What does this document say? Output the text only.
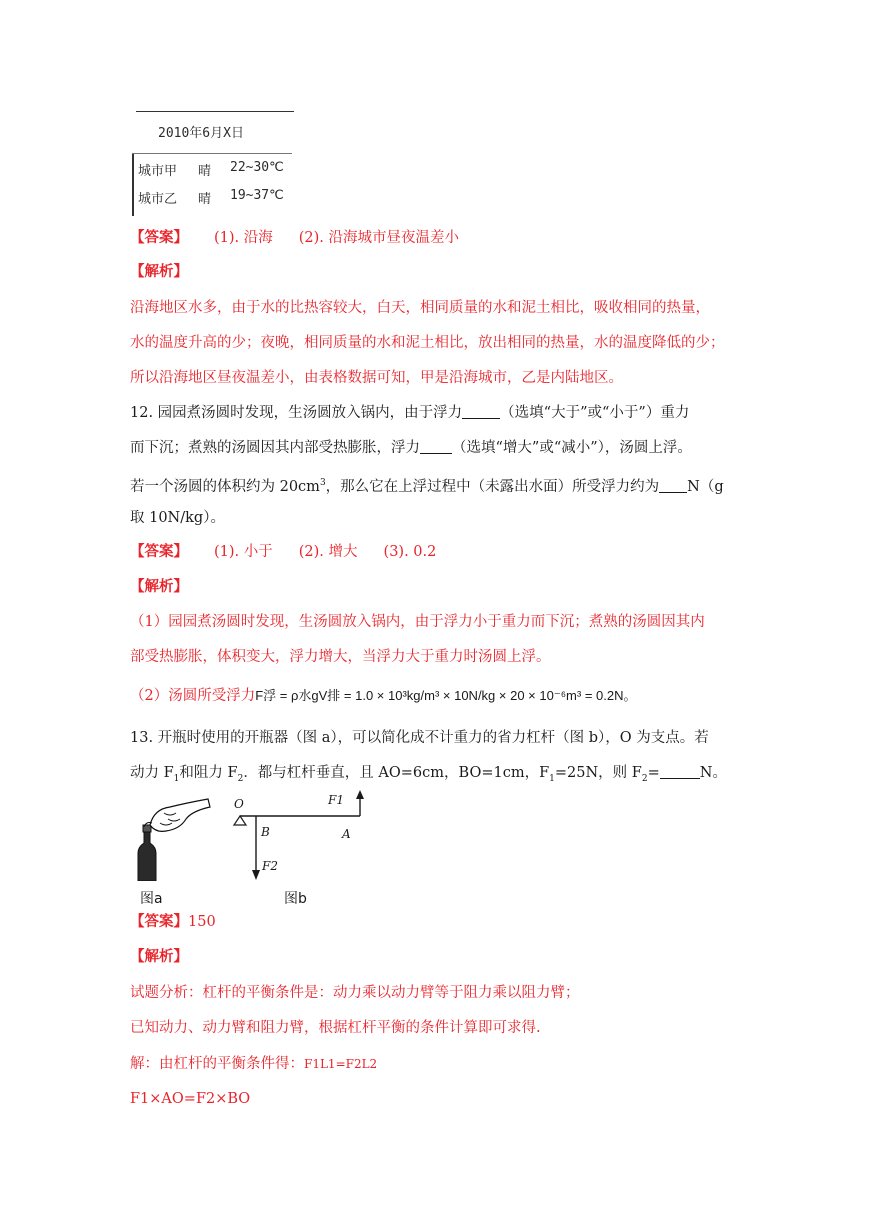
2010年6月X日
城市甲 晴 22~30℃
城市乙 晴 19~37℃
【答案】 (1). 沿海 (2). 沿海城市昼夜温差小
【解析】
沿海地区水多，由于水的比热容较大，白天，相同质量的水和泥土相比，吸收相同的热量，
水的温度升高的少；夜晚，相同质量的水和泥土相比，放出相同的热量，水的温度降低的少；
所以沿海地区昼夜温差小，由表格数据可知，甲是沿海城市，乙是内陆地区。
12. 园园煮汤圆时发现，生汤圆放入锅内，由于浮力	（选填“大于”或“小于”）重力
而下沉；煮熟的汤圆因其内部受热膨胀，浮力 （选填“增大”或“减小”），汤圆上浮。
若一个汤圆的体积约为 $20cm^3$，那么它在上浮过程中（未露出水面）所受浮力约为 N（g
取 10N/kg）。
【答案】 (1). 小于 (2). 增大 (3). 0.2
【解析】
（1）园园煮汤圆时发现，生汤圆放入锅内，由于浮力小于重力而下沉；煮熟的汤圆因其内
部受热膨胀，体积变大，浮力增大，当浮力大于重力时汤圆上浮。
（2）汤圆所受浮力F浮 = ρ水gV排 = 1.0 × 10³kg/m³ × 10N/kg × 20 × 10⁻⁶m³ = 0.2N。
13. 开瓶时使用的开瓶器（图 a），可以简化成不计重力的省力杠杆（图 b），O 为支点。若
动力 $F_1$和阻力 $F_2$．都与杠杆垂直，且 AO=6cm，BO=1cm，$F_1=25N$，则 $F_2=$	N。
O
B	A
F1
F2
图a	图b
【答案】150
【解析】
试题分析：杠杆的平衡条件是：动力乘以动力臂等于阻力乘以阻力臂；
已知动力、动力臂和阻力臂，根据杠杆平衡的条件计算即可求得.
解：由杠杆的平衡条件得：F1L1=F2L2
F1×AO=F2×BO
